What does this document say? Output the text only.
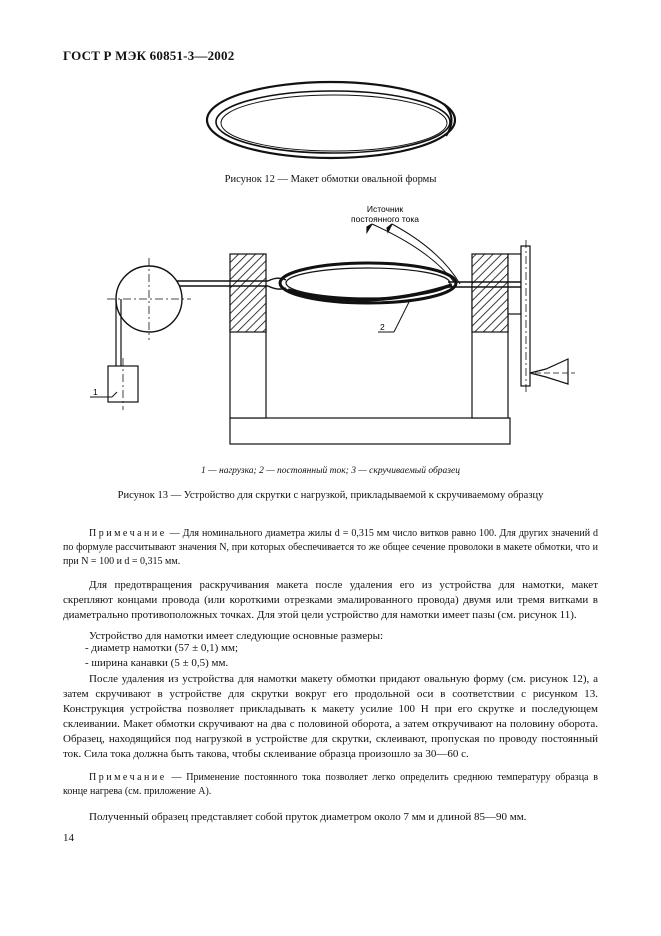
ГОСТ Р МЭК 60851-3—2002
Источник
постоянного тока
1
2
Рисунок 12 — Макет обмотки овальной формы
1 — нагрузка; 2 — постоянный ток; 3 — скручиваемый образец
Рисунок 13 — Устройство для скрутки с нагрузкой, прикладываемой к скручиваемому образцу
Примечание — Для номинального диаметра жилы d = 0,315 мм число витков равно 100. Для других значений d по формуле рассчитывают значения N, при которых обеспечивается то же общее сечение проволоки в макете обмотки, что и при N = 100 и d = 0,315 мм.
Для предотвращения раскручивания макета после удаления его из устройства для намотки, макет скрепляют концами провода (или короткими отрезками эмалированного провода) двумя или тремя витками в диаметрально противоположных точках. Для этой цели устройство для намотки имеет пазы (см. рисунок 11).
Устройство для намотки имеет следующие основные размеры:
- диаметр намотки (57 ± 0,1) мм;
- ширина канавки (5 ± 0,5) мм.
После удаления из устройства для намотки макету обмотки придают овальную форму (см. рисунок 12), а затем скручивают в устройстве для скрутки вокруг его продольной оси в соответствии с рисунком 13. Конструкция устройства позволяет прикладывать к макету усилие 100 Н при его скрутке и последующем склеивании. Макет обмотки скручивают на два с половиной оборота, а затем откручивают на половину оборота. Образец, находящийся под нагрузкой в устройстве для скрутки, склеивают, пропуская по проводу постоянный ток. Сила тока должна быть такова, чтобы склеивание образца произошло за 30—60 с.
Примечание — Применение постоянного тока позволяет легко определить среднюю температуру образца в конце нагрева (см. приложение А).
Полученный образец представляет собой пруток диаметром около 7 мм и длиной 85—90 мм.
14
